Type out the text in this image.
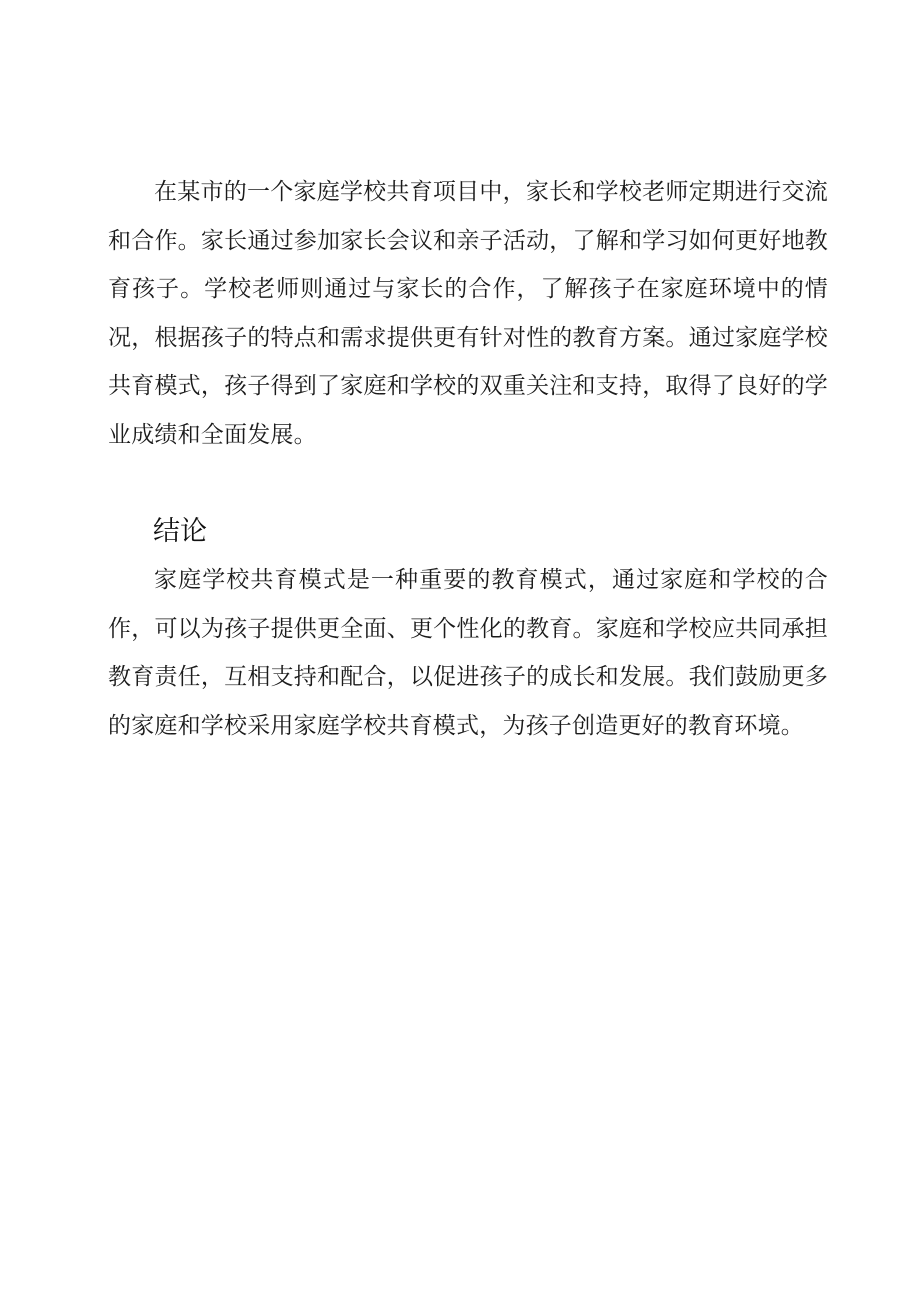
在某市的一个家庭学校共育项目中，家长和学校老师定期进行交流和合作。家长通过参加家长会议和亲子活动，了解和学习如何更好地教育孩子。学校老师则通过与家长的合作，了解孩子在家庭环境中的情况，根据孩子的特点和需求提供更有针对性的教育方案。通过家庭学校共育模式，孩子得到了家庭和学校的双重关注和支持，取得了良好的学业成绩和全面发展。

结论

家庭学校共育模式是一种重要的教育模式，通过家庭和学校的合作，可以为孩子提供更全面、更个性化的教育。家庭和学校应共同承担教育责任，互相支持和配合，以促进孩子的成长和发展。我们鼓励更多的家庭和学校采用家庭学校共育模式，为孩子创造更好的教育环境。
